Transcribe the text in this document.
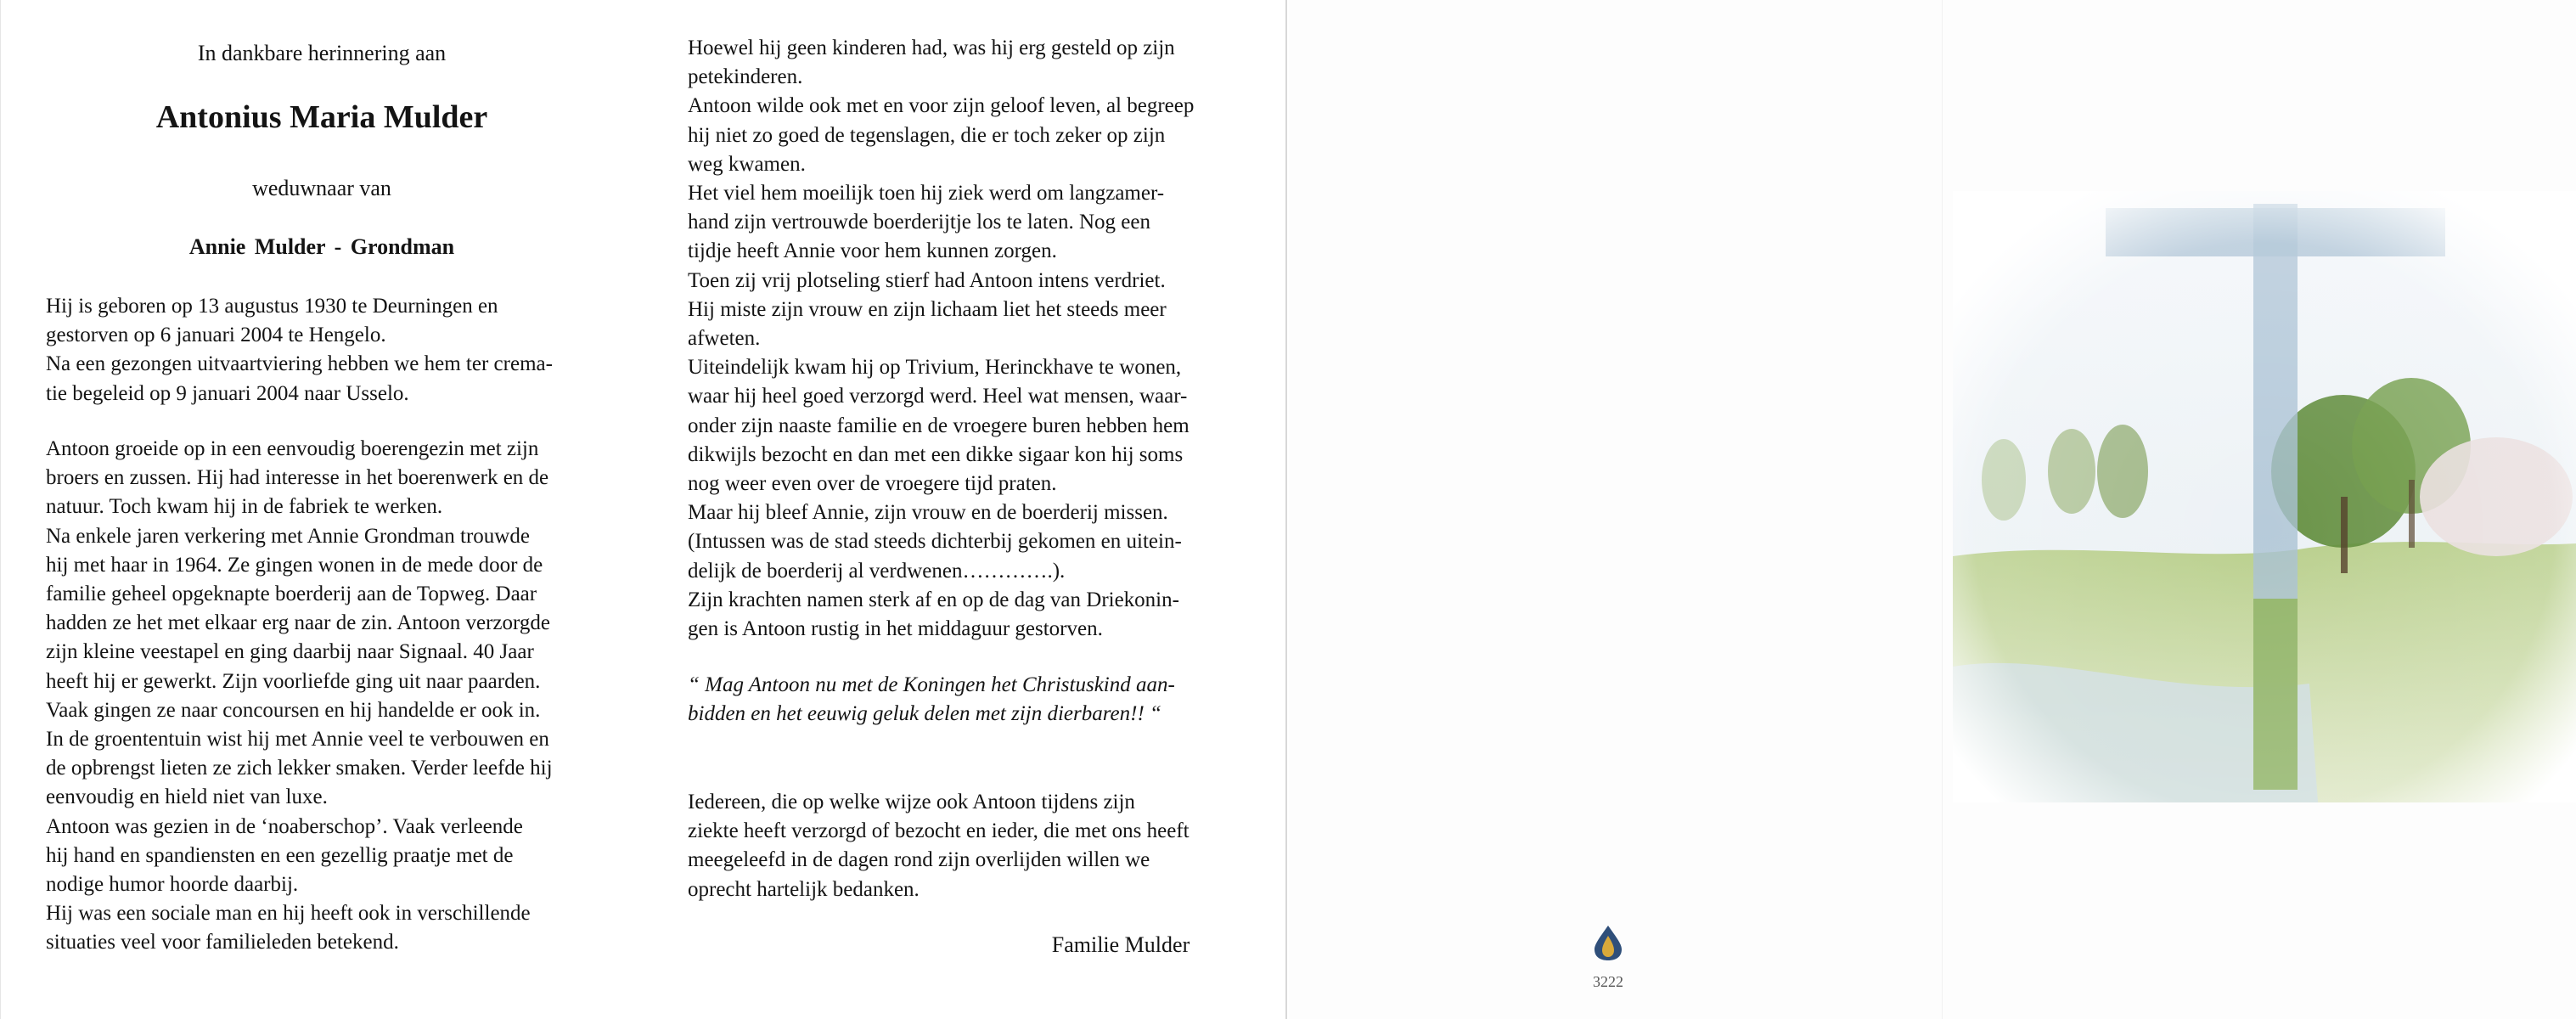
In dankbare herinnering aan
Antonius Maria Mulder
weduwnaar van
Annie Mulder - Grondman
Hij is geboren op 13 augustus 1930 te Deurningen en
gestorven op 6 januari 2004 te Hengelo.
Na een gezongen uitvaartviering hebben we hem ter crema-
tie begeleid op 9 januari 2004 naar Usselo.
Antoon groeide op in een eenvoudig boerengezin met zijn
broers en zussen. Hij had interesse in het boerenwerk en de
natuur. Toch kwam hij in de fabriek te werken.
Na enkele jaren verkering met Annie Grondman trouwde
hij met haar in 1964. Ze gingen wonen in de mede door de
familie geheel opgeknapte boerderij aan de Topweg. Daar
hadden ze het met elkaar erg naar de zin. Antoon verzorgde
zijn kleine veestapel en ging daarbij naar Signaal. 40 Jaar
heeft hij er gewerkt. Zijn voorliefde ging uit naar paarden.
Vaak gingen ze naar concoursen en hij handelde er ook in.
In de groententuin wist hij met Annie veel te verbouwen en
de opbrengst lieten ze zich lekker smaken. Verder leefde hij
eenvoudig en hield niet van luxe.
Antoon was gezien in de ‘noaberschop’. Vaak verleende
hij hand en spandiensten en een gezellig praatje met de
nodige humor hoorde daarbij.
Hij was een sociale man en hij heeft ook in verschillende
situaties veel voor familieleden betekend.
Hoewel hij geen kinderen had, was hij erg gesteld op zijn
petekinderen.
Antoon wilde ook met en voor zijn geloof leven, al begreep
hij niet zo goed de tegenslagen, die er toch zeker op zijn
weg kwamen.
Het viel hem moeilijk toen hij ziek werd om langzamer-
hand zijn vertrouwde boerderijtje los te laten. Nog een
tijdje heeft Annie voor hem kunnen zorgen.
Toen zij vrij plotseling stierf had Antoon intens verdriet.
Hij miste zijn vrouw en zijn lichaam liet het steeds meer
afweten.
Uiteindelijk kwam hij op Trivium, Herinckhave te wonen,
waar hij heel goed verzorgd werd. Heel wat mensen, waar-
onder zijn naaste familie en de vroegere buren hebben hem
dikwijls bezocht en dan met een dikke sigaar kon hij soms
nog weer even over de vroegere tijd praten.
Maar hij bleef Annie, zijn vrouw en de boerderij missen.
(Intussen was de stad steeds dichterbij gekomen en uitein-
delijk de boerderij al verdwenen………….).
Zijn krachten namen sterk af en op de dag van Driekonin-
gen is Antoon rustig in het middaguur gestorven.
“ Mag Antoon nu met de Koningen het Christuskind aan-
bidden en het eeuwig geluk delen met zijn dierbaren!! “
Iedereen, die op welke wijze ook Antoon tijdens zijn
ziekte heeft verzorgd of bezocht en ieder, die met ons heeft
meegeleefd in de dagen rond zijn overlijden willen we
oprecht hartelijk bedanken.
Familie Mulder
3222
